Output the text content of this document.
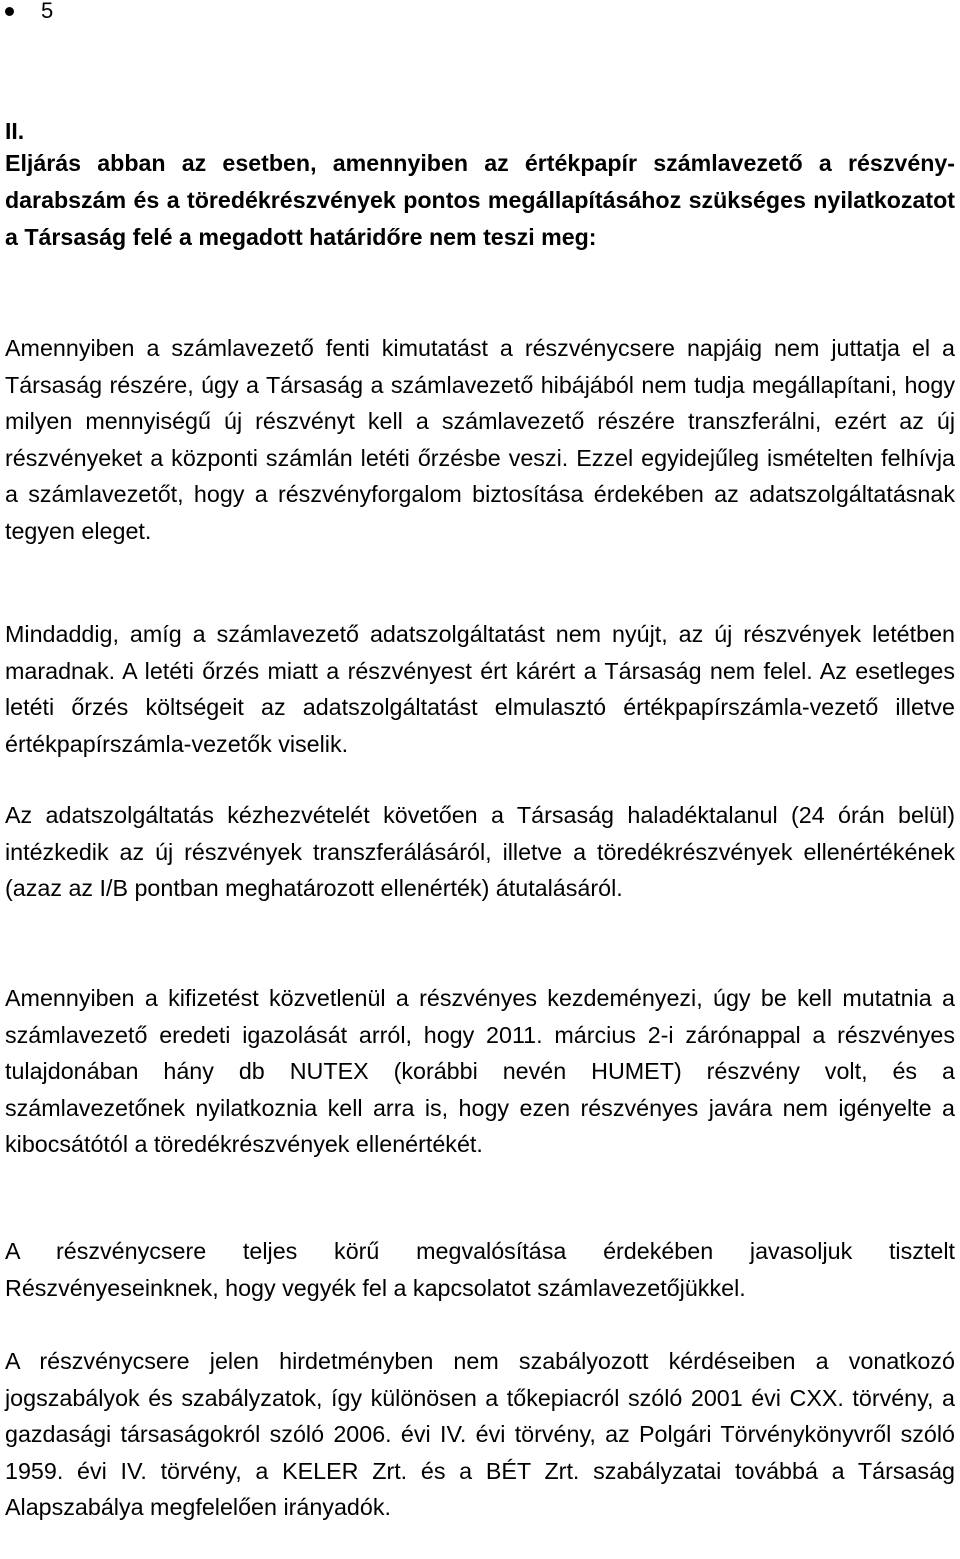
5
II.

Eljárás abban az esetben, amennyiben az értékpapír számlavezető a részvény-darabszám és a töredékrészvények pontos megállapításához szükséges nyilatkozatot a Társaság felé a megadott határidőre nem teszi meg:

Amennyiben a számlavezető fenti kimutatást a részvénycsere napjáig nem juttatja el a Társaság részére, úgy a Társaság a számlavezető hibájából nem tudja megállapítani, hogy milyen mennyiségű új részvényt kell a számlavezető részére transzferálni, ezért az új részvényeket a központi számlán letéti őrzésbe veszi. Ezzel egyidejűleg ismételten felhívja a számlavezetőt, hogy a részvényforgalom biztosítása érdekében az adatszolgáltatásnak tegyen eleget.

Mindaddig, amíg a számlavezető adatszolgáltatást nem nyújt, az új részvények letétben maradnak. A letéti őrzés miatt a részvényest ért kárért a Társaság nem felel. Az esetleges letéti őrzés költségeit az adatszolgáltatást elmulasztó értékpapírszámla-vezető illetve értékpapírszámla-vezetők viselik.

Az adatszolgáltatás kézhezvételét követően a Társaság haladéktalanul (24 órán belül) intézkedik az új részvények transzferálásáról, illetve a töredékrészvények ellenértékének (azaz az I/B pontban meghatározott ellenérték) átutalásáról.

Amennyiben a kifizetést közvetlenül a részvényes kezdeményezi, úgy be kell mutatnia a számlavezető eredeti igazolását arról, hogy 2011. március 2-i zárónappal a részvényes tulajdonában hány db NUTEX (korábbi nevén HUMET) részvény volt, és a számlavezetőnek nyilatkoznia kell arra is, hogy ezen részvényes javára nem igényelte a kibocsátótól a töredékrészvények ellenértékét.

A részvénycsere teljes körű megvalósítása érdekében javasoljuk tisztelt Részvényeseinknek, hogy vegyék fel a kapcsolatot számlavezetőjükkel.

A részvénycsere jelen hirdetményben nem szabályozott kérdéseiben a vonatkozó jogszabályok és szabályzatok, így különösen a tőkepiacról szóló 2001 évi CXX. törvény, a gazdasági társaságokról szóló 2006. évi IV. évi törvény, az Polgári Törvénykönyvről szóló 1959. évi IV. törvény, a KELER Zrt. és a BÉT Zrt. szabályzatai továbbá a Társaság Alapszabálya megfelelően irányadók.
